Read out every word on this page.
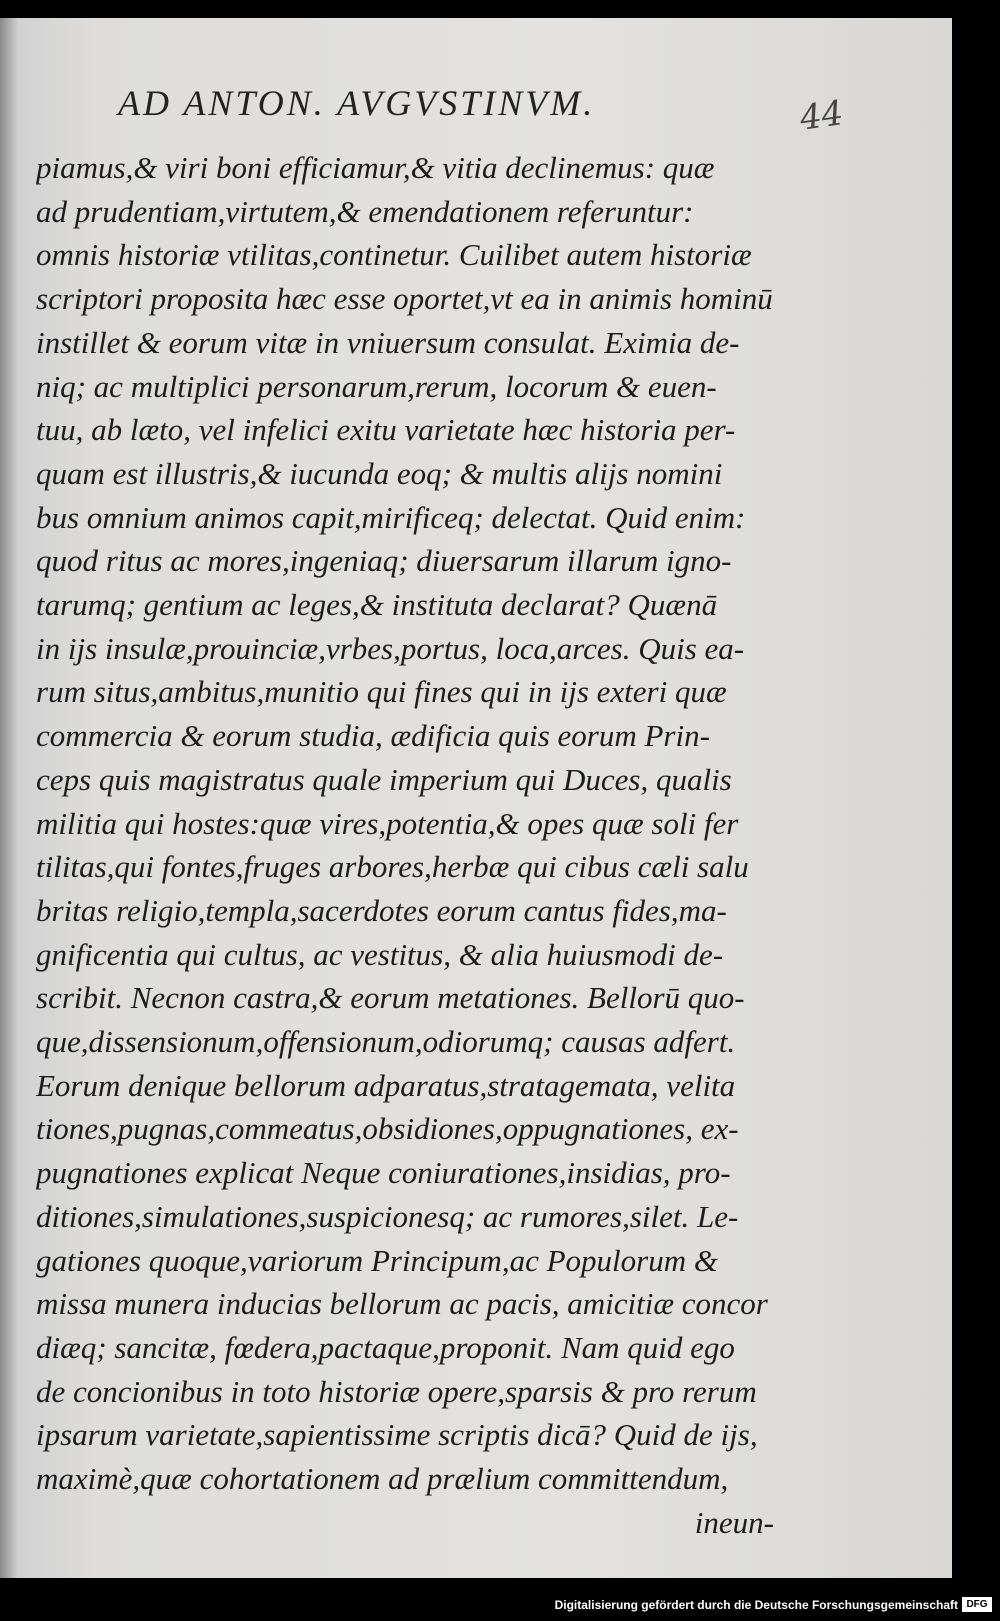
AD ANTON. AVGVSTINVM.	44
piamus,& viri boni efficiamur,& vitia declinemus: quæ
ad prudentiam,virtutem,& emendationem referuntur:
omnis historiæ vtilitas,continetur. Cuilibet autem historiæ
scriptori proposita hæc esse oportet,vt ea in animis hominū
instillet & eorum vitæ in vniuersum consulat. Eximia de-
niq; ac multiplici personarum,rerum, locorum & euen-
tuu, ab læto, vel infelici exitu varietate hæc historia per-
quam est illustris,& iucunda eoq; & multis alijs nomini
bus omnium animos capit,mirificeq; delectat. Quid enim:
quod ritus ac mores,ingeniaq; diuersarum illarum igno-
tarumq; gentium ac leges,& instituta declarat? Quænā
in ijs insulæ,prouinciæ,vrbes,portus, loca,arces. Quis ea-
rum situs,ambitus,munitio qui fines qui in ijs exteri quæ
commercia & eorum studia, ædificia quis eorum Prin-
ceps quis magistratus quale imperium qui Duces, qualis
militia qui hostes:quæ vires,potentia,& opes quæ soli fer
tilitas,qui fontes,fruges arbores,herbæ qui cibus cæli salu
britas religio,templa,sacerdotes eorum cantus fides,ma-
gnificentia qui cultus, ac vestitus, & alia huiusmodi de-
scribit. Necnon castra,& eorum metationes. Bellorū quo-
que,dissensionum,offensionum,odiorumq; causas adfert.
Eorum denique bellorum adparatus,stratagemata, velita
tiones,pugnas,commeatus,obsidiones,oppugnationes, ex-
pugnationes explicat Neque coniurationes,insidias, pro-
ditiones,simulationes,suspicionesq; ac rumores,silet. Le-
gationes quoque,variorum Principum,ac Populorum &
missa munera inducias bellorum ac pacis, amicitiæ concor
diæq; sancitæ, fœdera,pactaque,proponit. Nam quid ego
de concionibus in toto historiæ opere,sparsis & pro rerum
ipsarum varietate,sapientissime scriptis dicā? Quid de ijs,
maximè,quæ cohortationem ad prælium committendum,
ineun-
Digitalisierung gefördert durch die Deutsche Forschungsgemeinschaft DFG
